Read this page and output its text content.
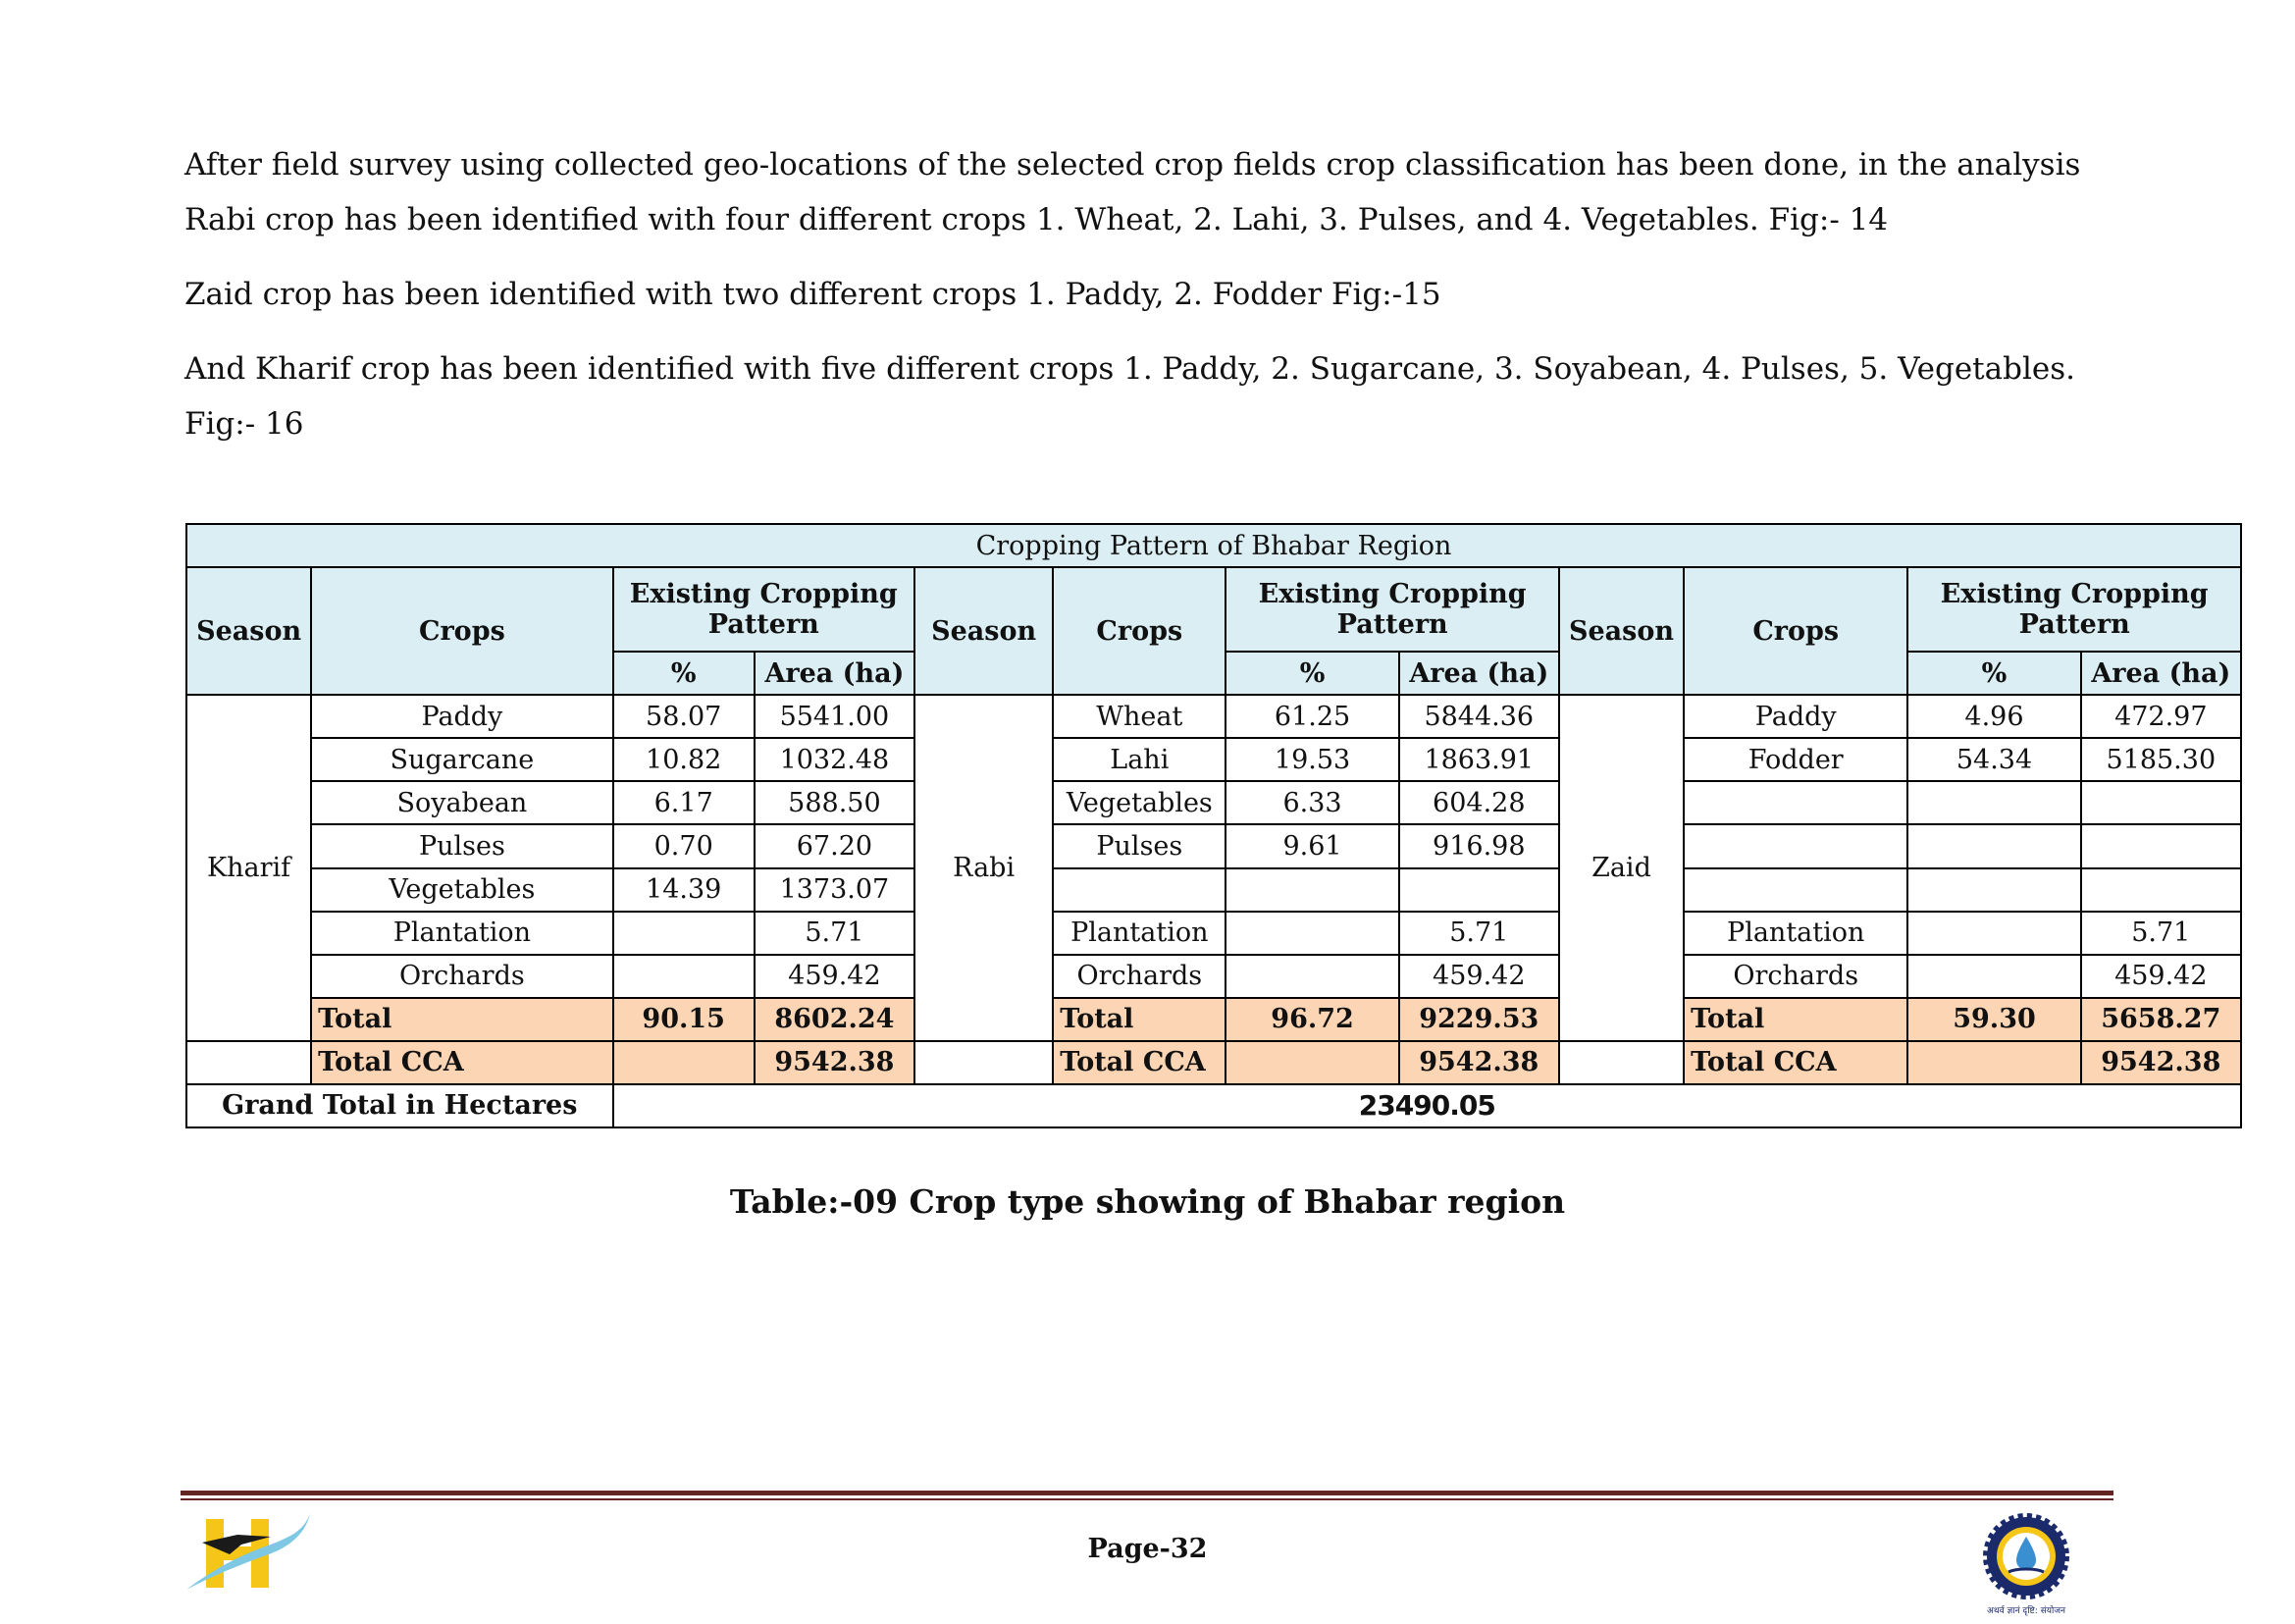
After field survey using collected geo-locations of the selected crop fields crop classification has been done, in the analysis Rabi crop has been identified with four different crops 1. Wheat, 2. Lahi, 3. Pulses, and 4. Vegetables. Fig:- 14

Zaid crop has been identified with two different crops 1. Paddy, 2. Fodder Fig:-15

And Kharif crop has been identified with five different crops 1. Paddy, 2. Sugarcane, 3. Soyabean, 4. Pulses, 5. Vegetables. Fig:- 16

Cropping Pattern of Bhabar Region											
Season	Crops	Existing Cropping Pattern		Season	Crops	Existing Cropping Pattern		Season	Crops	Existing Cropping Pattern	
		%	Area (ha)			%	Area (ha)			%	Area (ha)
Kharif	Paddy	58.07	5541.00	Rabi	Wheat	61.25	5844.36	Zaid	Paddy	4.96	472.97
	Sugarcane	10.82	1032.48		Lahi	19.53	1863.91		Fodder	54.34	5185.30
	Soyabean	6.17	588.50		Vegetables	6.33	604.28				
	Pulses	0.70	67.20		Pulses	9.61	916.98				
	Vegetables	14.39	1373.07								
	Plantation		5.71		Plantation		5.71		Plantation		5.71
	Orchards		459.42		Orchards		459.42		Orchards		459.42
	Total	90.15	8602.24		Total	96.72	9229.53		Total	59.30	5658.27
	Total CCA		9542.38		Total CCA		9542.38		Total CCA		9542.38
Grand Total in Hectares		23490.05									

Table:-09 Crop type showing of Bhabar region

Page-32
अथर्व ज्ञानं दृष्टि: संयोजन
